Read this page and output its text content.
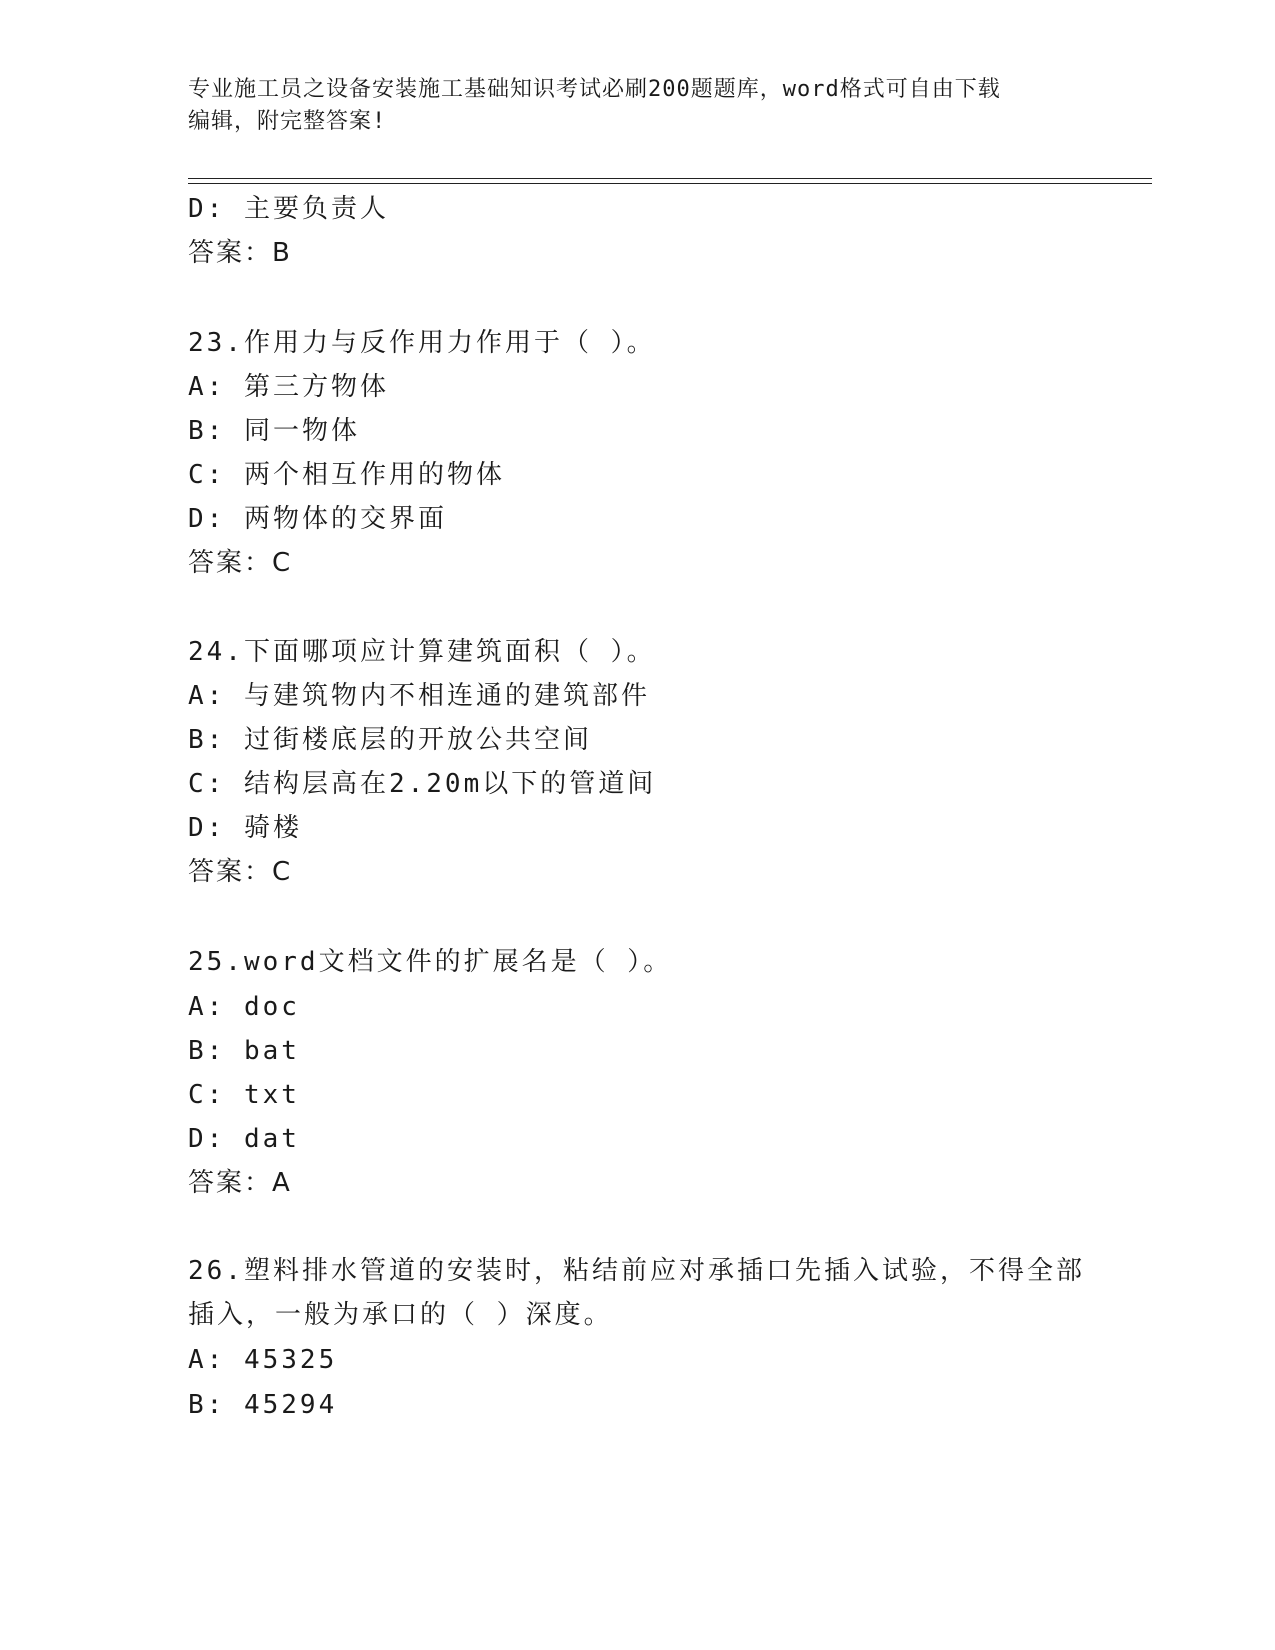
专业施工员之设备安装施工基础知识考试必刷200题题库，word格式可自由下载
编辑，附完整答案!
D: 主要负责人
答案：B
23.作用力与反作用力作用于（ ）。
A: 第三方物体
B: 同一物体
C: 两个相互作用的物体
D: 两物体的交界面
答案：C
24.下面哪项应计算建筑面积（ ）。
A: 与建筑物内不相连通的建筑部件
B: 过街楼底层的开放公共空间
C: 结构层高在2.20m以下的管道间
D: 骑楼
答案：C
25.word文档文件的扩展名是（ ）。
A: doc
B: bat
C: txt
D: dat
答案：A
26.塑料排水管道的安装时，粘结前应对承插口先插入试验，不得全部
插入，一般为承口的（ ）深度。
A: 45325
B: 45294
